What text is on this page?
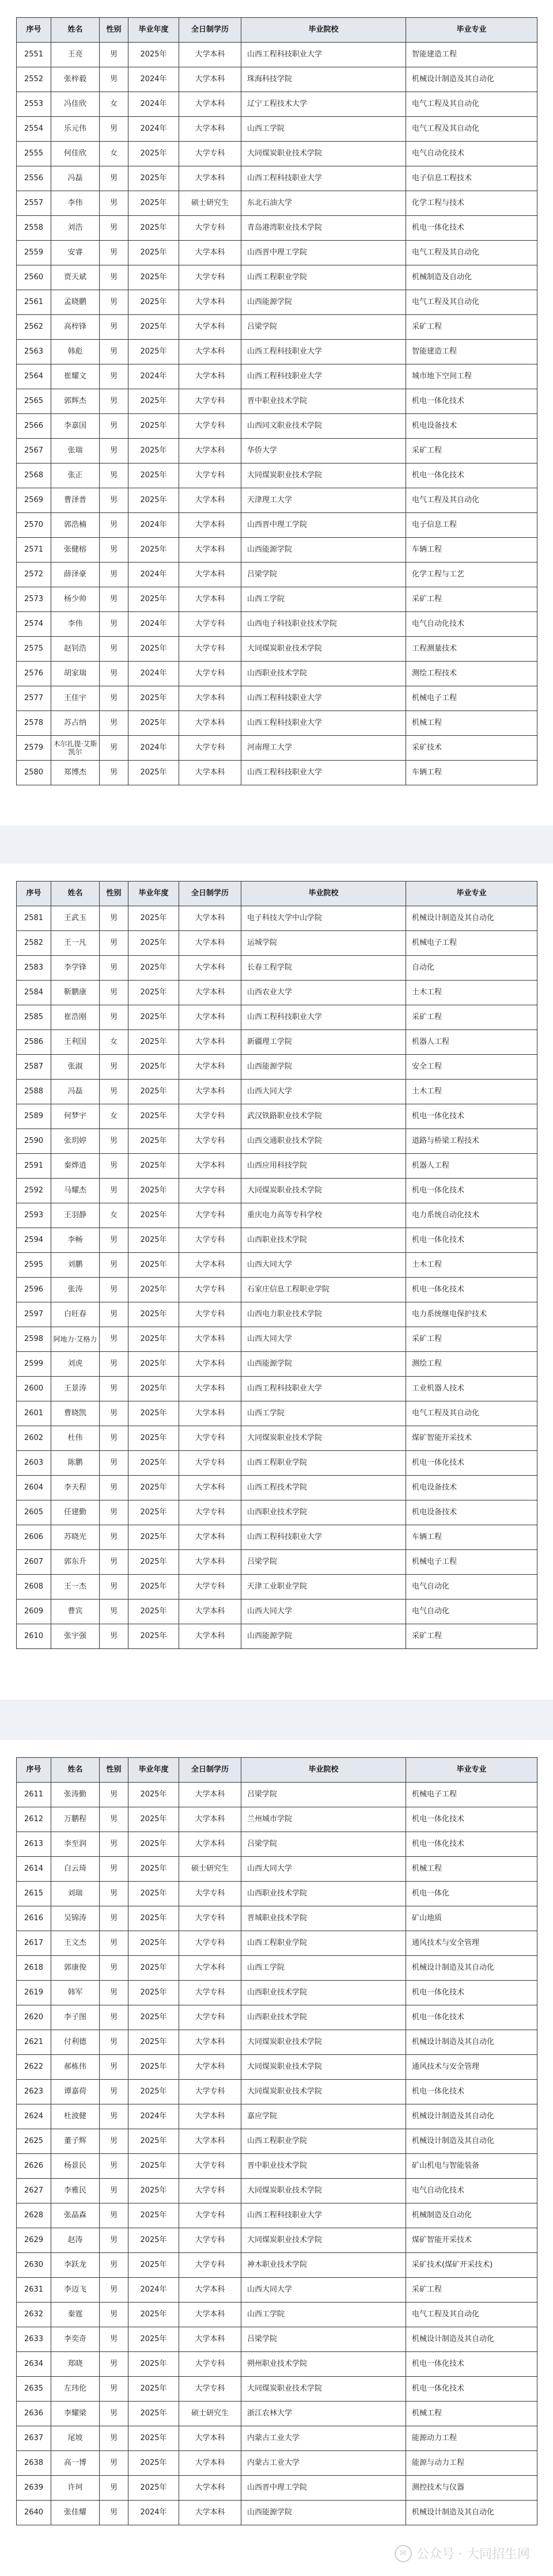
序号	姓名	性别	毕业年度	全日制学历	毕业院校	毕业专业
2551	王亮	男	2025年	大学本科	山西工程科技职业大学	智能建造工程
2552	张梓毅	男	2024年	大学本科	珠海科技学院	机械设计制造及其自动化
2553	冯佳欣	女	2024年	大学本科	辽宁工程技术大学	电气工程及其自动化
2554	乐元伟	男	2024年	大学本科	山西工学院	电气工程及其自动化
2555	何佳欣	女	2025年	大学专科	大同煤炭职业技术学院	电气自动化技术
2556	冯磊	男	2025年	大学本科	山西工程科技职业大学	电子信息工程技术
2557	李伟	男	2025年	硕士研究生	东北石油大学	化学工程与技术
2558	刘浩	男	2025年	大学专科	青岛港湾职业技术学院	机电一体化技术
2559	安睿	男	2025年	大学本科	山西晋中理工学院	电气工程及其自动化
2560	贾天斌	男	2025年	大学专科	山西工程职业学院	机械制造及自动化
2561	孟晓鹏	男	2025年	大学本科	山西能源学院	电气工程及其自动化
2562	高梓锋	男	2025年	大学本科	吕梁学院	采矿工程
2563	韩彪	男	2025年	大学本科	山西工程科技职业大学	智能建造工程
2564	崔耀文	男	2024年	大学本科	山西工程科技职业大学	城市地下空间工程
2565	郭辉杰	男	2025年	大学专科	晋中职业技术学院	机电一体化技术
2566	李嘉国	男	2025年	大学专科	山西同文职业技术学院	机电设备技术
2567	张瑞	男	2025年	大学本科	华侨大学	采矿工程
2568	张正	男	2025年	大学专科	大同煤炭职业技术学院	机电一体化技术
2569	曹泽普	男	2025年	大学本科	天津理工大学	电气工程及其自动化
2570	郭浩楠	男	2024年	大学本科	山西晋中理工学院	电子信息工程
2571	张健榕	男	2025年	大学本科	山西能源学院	车辆工程
2572	薛泽豪	男	2024年	大学本科	吕梁学院	化学工程与工艺
2573	杨少帅	男	2025年	大学本科	山西工学院	采矿工程
2574	李伟	男	2024年	大学专科	山西电子科技职业技术学院	电气自动化技术
2575	赵钊浩	男	2025年	大学专科	大同煤炭职业技术学院	工程测量技术
2576	胡家瑞	男	2024年	大学专科	山西职业技术学院	测绘工程技术
2577	王佳宇	男	2025年	大学本科	山西工程科技职业大学	机械电子工程
2578	苏占纳	男	2025年	大学本科	山西工程科技职业大学	机械工程
2579	木尔扎提·艾斯凯尔	男	2024年	大学专科	河南理工大学	采矿技术
2580	郑博杰	男	2025年	大学本科	山西工程科技职业大学	车辆工程
序号	姓名	性别	毕业年度	全日制学历	毕业院校	毕业专业
2581	王武玉	男	2025年	大学本科	电子科技大学中山学院	机械设计制造及其自动化
2582	王一凡	男	2025年	大学本科	运城学院	机械电子工程
2583	李学锋	男	2025年	大学本科	长春工程学院	自动化
2584	靳鹏康	男	2025年	大学本科	山西农业大学	土木工程
2585	崔浩刚	男	2025年	大学本科	山西工程科技职业大学	采矿工程
2586	王利国	女	2025年	大学本科	新疆理工学院	机器人工程
2587	张淑	男	2025年	大学本科	山西能源学院	安全工程
2588	冯磊	男	2025年	大学本科	山西大同大学	土木工程
2589	何梦宇	女	2025年	大学专科	武汉铁路职业技术学院	机电一体化技术
2590	张玥婷	男	2025年	大学专科	山西交通职业技术学院	道路与桥梁工程技术
2591	秦烨逍	男	2025年	大学本科	山西应用科技学院	机器人工程
2592	马耀杰	男	2025年	大学专科	大同煤炭职业技术学院	机电一体化技术
2593	王羽静	女	2025年	大学专科	重庆电力高等专科学校	电力系统自动化技术
2594	李畅	男	2025年	大学专科	山西职业技术学院	机电一体化技术
2595	刘鹏	男	2025年	大学本科	山西大同大学	土木工程
2596	张涛	男	2025年	大学专科	石家庄信息工程职业学院	机电一体化技术
2597	白旺春	男	2025年	大学专科	山西电力职业技术学院	电力系统继电保护技术
2598	阿地力·艾格力	男	2025年	大学本科	山西大同大学	采矿工程
2599	刘虎	男	2025年	大学本科	山西能源学院	测绘工程
2600	王景涛	男	2025年	大学本科	山西工程科技职业大学	工业机器人技术
2601	曹晓凯	男	2025年	大学本科	山西工学院	电气工程及其自动化
2602	杜伟	男	2025年	大学专科	大同煤炭职业技术学院	煤矿智能开采技术
2603	陈鹏	男	2025年	大学专科	山西工程职业学院	机电一体化技术
2604	李天程	男	2025年	大学本科	山西工程技术学院	机电设备技术
2605	任建勤	男	2025年	大学专科	山西职业技术学院	机电设备技术
2606	苏晓光	男	2025年	大学本科	山西工程科技职业大学	车辆工程
2607	郭东升	男	2025年	大学本科	吕梁学院	机械电子工程
2608	王一杰	男	2025年	大学专科	天津工业职业学院	电气自动化
2609	曹宾	男	2025年	大学本科	山西大同大学	电气自动化
2610	张宇强	男	2025年	大学本科	山西能源学院	采矿工程
序号	姓名	性别	毕业年度	全日制学历	毕业院校	毕业专业
2611	张涛勤	男	2025年	大学本科	吕梁学院	机械电子工程
2612	万鹏程	男	2025年	大学本科	兰州城市学院	机电一体化技术
2613	李至润	男	2025年	大学本科	吕梁学院	机电一体化技术
2614	白云琦	男	2025年	硕士研究生	山西大同大学	机械工程
2615	刘瑞	男	2025年	大学专科	山西职业技术学院	机电一体化
2616	吴锦涛	男	2025年	大学专科	晋城职业技术学院	矿山地质
2617	王文杰	男	2025年	大学专科	山西工程职业学院	通风技术与安全管理
2618	郭康俊	男	2025年	大学本科	山西工学院	机械设计制造及其自动化
2619	韩军	男	2025年	大学专科	山西职业技术学院	机电一体化技术
2620	李子图	男	2025年	大学专科	山西职业技术学院	机电一体化技术
2621	付利德	男	2025年	大学本科	大同煤炭职业技术学院	机械设计制造及其自动化
2622	郝栋伟	男	2025年	大学本科	大同煤炭职业技术学院	通风技术与安全管理
2623	谭嘉荷	男	2025年	大学专科	大同煤炭职业技术学院	机电一体化技术
2624	杜波健	男	2024年	大学本科	嘉应学院	机械设计制造及其自动化
2625	董子辉	男	2025年	大学本科	山西工程职业学院	机械设计制造及其自动化
2626	杨景民	男	2025年	大学专科	晋中职业技术学院	矿山机电与智能装备
2627	李雅民	男	2025年	大学专科	大同煤炭职业技术学院	电气自动化技术
2628	张晶森	男	2025年	大学专科	山西工程科技职业大学	机械制造及自动化
2629	赵涛	男	2025年	大学专科	大同煤炭职业技术学院	煤矿智能开采技术
2630	李跃龙	男	2025年	大学专科	神木职业技术学院	采矿技术(煤矿开采技术)
2631	李迈飞	男	2024年	大学本科	山西大同大学	采矿工程
2632	秦霆	男	2025年	大学本科	山西工学院	电气工程及其自动化
2633	李奕奇	男	2025年	大学本科	吕梁学院	机械设计制造及其自动化
2634	郑晓	男	2025年	大学专科	朔州职业技术学院	机电一体化技术
2635	左玮伦	男	2025年	大学专科	大同煤炭职业技术学院	机电一体化技术
2636	李耀梁	男	2025年	硕士研究生	浙江农林大学	机械工程
2637	尾坡	男	2025年	大学本科	内蒙古工业大学	能源动力工程
2638	高一博	男	2025年	大学本科	内蒙古工业大学	能源与动力工程
2639	许珂	男	2025年	大学本科	山西晋中理工学院	测控技术与仪器
2640	张佳耀	男	2024年	大学本科	山西能源学院	机械设计制造及其自动化
✉ 公众号 · 大同招生网
